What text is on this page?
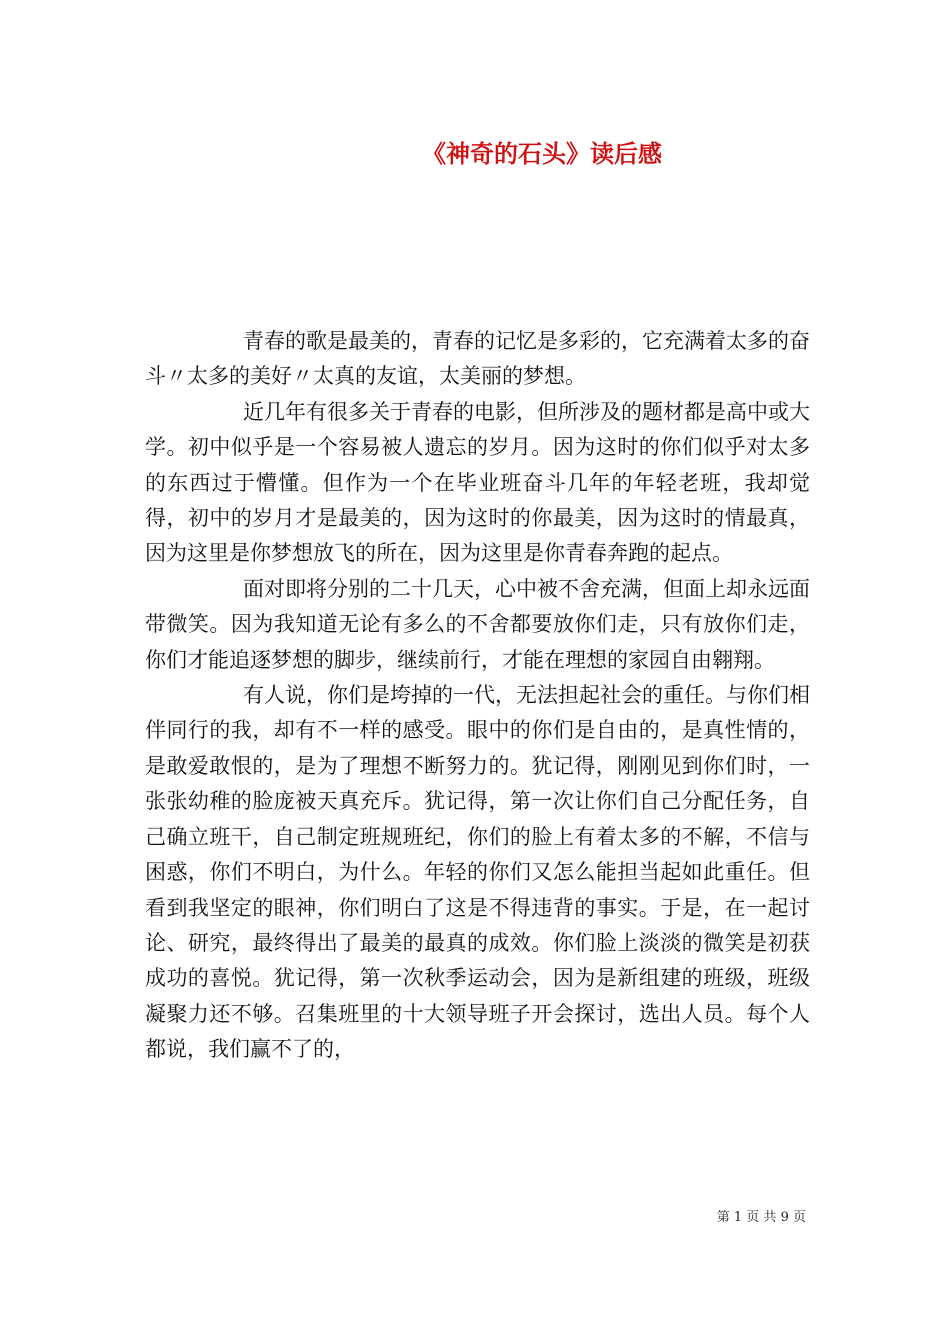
《神奇的石头》读后感

青春的歌是最美的，青春的记忆是多彩的，它充满着太多的奋斗〃太多的美好〃太真的友谊，太美丽的梦想。

近几年有很多关于青春的电影，但所涉及的题材都是高中或大学。初中似乎是一个容易被人遗忘的岁月。因为这时的你们似乎对太多的东西过于懵懂。但作为一个在毕业班奋斗几年的年轻老班，我却觉得，初中的岁月才是最美的，因为这时的你最美，因为这时的情最真，因为这里是你梦想放飞的所在，因为这里是你青春奔跑的起点。

面对即将分别的二十几天，心中被不舍充满，但面上却永远面带微笑。因为我知道无论有多么的不舍都要放你们走，只有放你们走，你们才能追逐梦想的脚步，继续前行，才能在理想的家园自由翱翔。

有人说，你们是垮掉的一代，无法担起社会的重任。与你们相伴同行的我，却有不一样的感受。眼中的你们是自由的，是真性情的，是敢爱敢恨的，是为了理想不断努力的。犹记得，刚刚见到你们时，一张张幼稚的脸庞被天真充斥。犹记得，第一次让你们自己分配任务，自己确立班干，自己制定班规班纪，你们的脸上有着太多的不解，不信与困惑，你们不明白，为什么。年轻的你们又怎么能担当起如此重任。但看到我坚定的眼神，你们明白了这是不得违背的事实。于是，在一起讨论、研究，最终得出了最美的最真的成效。你们脸上淡淡的微笑是初获成功的喜悦。犹记得，第一次秋季运动会，因为是新组建的班级，班级凝聚力还不够。召集班里的十大领导班子开会探讨，选出人员。每个人都说，我们赢不了的，

第 1 页 共 9 页
